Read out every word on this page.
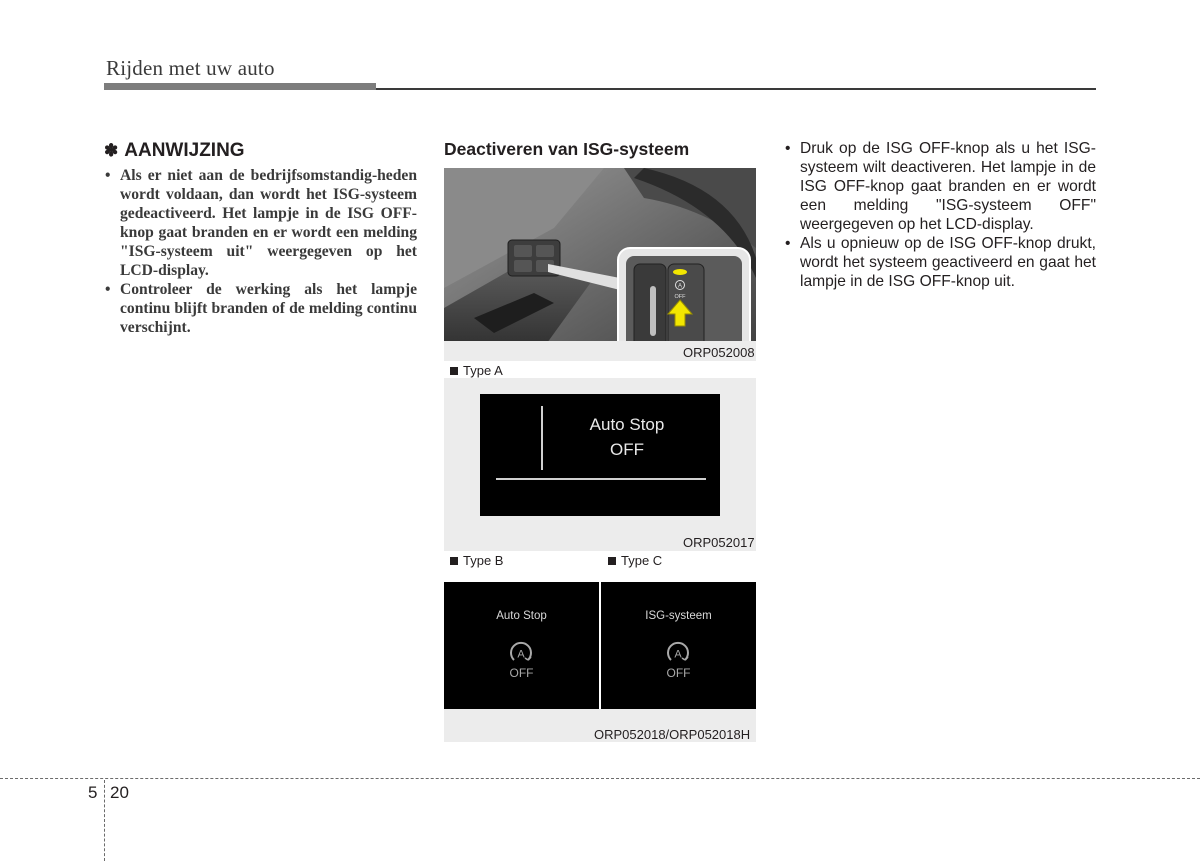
Rijden met uw auto
✽ AANWIJZING
• Als er niet aan de bedrijfsomstandig-heden wordt voldaan, dan wordt het ISG-systeem gedeactiveerd. Het lampje in de ISG OFF-knop gaat branden en er wordt een melding "ISG-systeem uit" weergegeven op het LCD-display.
• Controleer de werking als het lampje continu blijft branden of de melding continu verschijnt.
Deactiveren van ISG-systeem
A
OFF
ORP052008
Type A
Auto Stop
OFF
ORP052017
Type B	Type C
Auto Stop
A
OFF
ISG-systeem
A
OFF
ORP052018/ORP052018H
• Druk op de ISG OFF-knop als u het ISG-systeem wilt deactiveren. Het lampje in de ISG OFF-knop gaat branden en er wordt een melding "ISG-systeem OFF" weergegeven op het LCD-display.
• Als u opnieuw op de ISG OFF-knop drukt, wordt het systeem geactiveerd en gaat het lampje in de ISG OFF-knop uit.
5 20
